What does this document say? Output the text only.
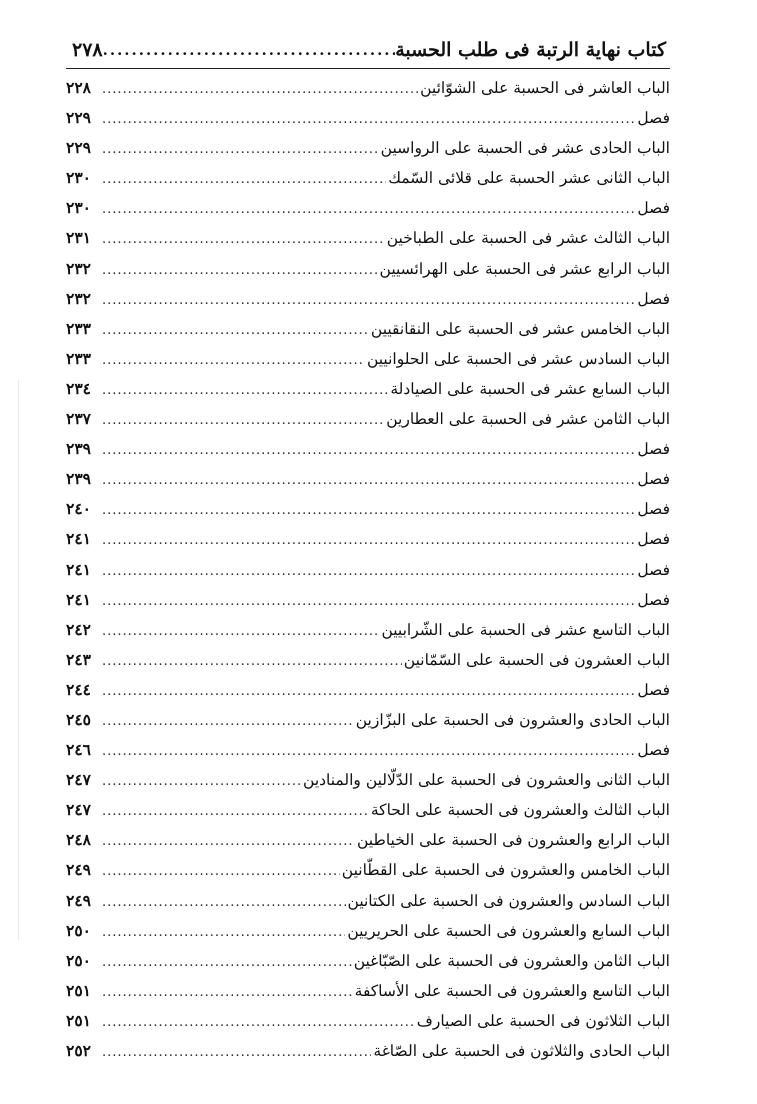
كتاب نهاية الرتبة فى طلب الحسبة
.....
٢٧٨
الباب العاشر فى الحسبة على الشوّائين
.....
٢٢٨
فصل
.....
٢٢٩
الباب الحادى عشر فى الحسبة على الرواسين
.....
٢٢٩
الباب الثانى عشر الحسبة على قلائى السّمك
.....
٢٣٠
فصل
.....
٢٣٠
الباب الثالث عشر فى الحسبة على الطباخين
.....
٢٣١
الباب الرابع عشر فى الحسبة على الهرائسيين
.....
٢٣٢
فصل
.....
٢٣٢
الباب الخامس عشر فى الحسبة على النقانقيين
.....
٢٣٣
الباب السادس عشر فى الحسبة على الحلوانيين
.....
٢٣٣
الباب السابع عشر فى الحسبة على الصيادلة
.....
٢٣٤
الباب الثامن عشر فى الحسبة على العطارين
.....
٢٣٧
فصل
.....
٢٣٩
فصل
.....
٢٣٩
فصل
.....
٢٤٠
فصل
.....
٢٤١
فصل
.....
٢٤١
فصل
.....
٢٤١
الباب التاسع عشر فى الحسبة على الشّرابيين
.....
٢٤٢
الباب العشرون فى الحسبة على السّمّانين
.....
٢٤٣
فصل
.....
٢٤٤
الباب الحادى والعشرون فى الحسبة على البزّازين
.....
٢٤٥
فصل
.....
٢٤٦
الباب الثانى والعشرون فى الحسبة على الدّلّالين والمنادين
.....
٢٤٧
الباب الثالث والعشرون فى الحسبة على الحاكة
.....
٢٤٧
الباب الرابع والعشرون فى الحسبة على الخياطين
.....
٢٤٨
الباب الخامس والعشرون فى الحسبة على القطّانين
.....
٢٤٩
الباب السادس والعشرون فى الحسبة على الكتانين
.....
٢٤٩
الباب السابع والعشرون فى الحسبة على الحريريين
.....
٢٥٠
الباب الثامن والعشرون فى الحسبة على الصّبّاغين
.....
٢٥٠
الباب التاسع والعشرون فى الحسبة على الأساكفة
.....
٢٥١
الباب الثلاثون فى الحسبة على الصيارف
.....
٢٥١
الباب الحادى والثلاثون فى الحسبة على الصّاغة
.....
٢٥٢
